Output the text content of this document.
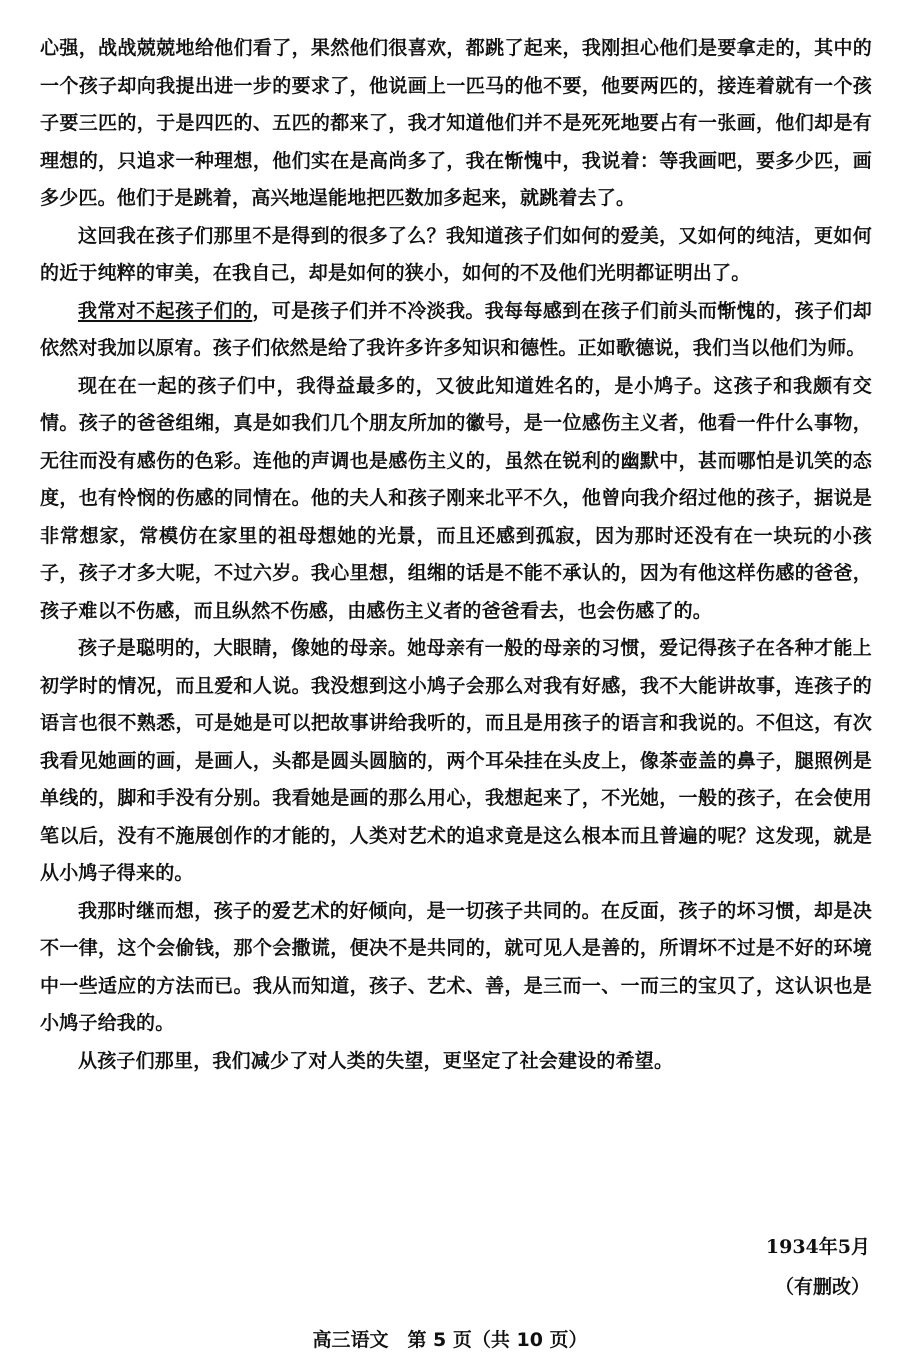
心强，战战兢兢地给他们看了，果然他们很喜欢，都跳了起来，我刚担心他们是要拿走的，其中的一个孩子却向我提出进一步的要求了，他说画上一匹马的他不要，他要两匹的，接连着就有一个孩子要三匹的，于是四匹的、五匹的都来了，我才知道他们并不是死死地要占有一张画，他们却是有理想的，只追求一种理想，他们实在是高尚多了，我在惭愧中，我说着：等我画吧，要多少匹，画多少匹。他们于是跳着，高兴地逞能地把匹数加多起来，就跳着去了。

这回我在孩子们那里不是得到的很多了么？我知道孩子们如何的爱美，又如何的纯洁，更如何的近于纯粹的审美，在我自己，却是如何的狭小，如何的不及他们光明都证明出了。

我常对不起孩子们的，可是孩子们并不冷淡我。我每每感到在孩子们前头而惭愧的，孩子们却依然对我加以原宥。孩子们依然是给了我许多许多知识和德性。正如歌德说，我们当以他们为师。

现在在一起的孩子们中，我得益最多的，又彼此知道姓名的，是小鸠子。这孩子和我颇有交情。孩子的爸爸组缃，真是如我们几个朋友所加的徽号，是一位感伤主义者，他看一件什么事物，无往而没有感伤的色彩。连他的声调也是感伤主义的，虽然在锐利的幽默中，甚而哪怕是讥笑的态度，也有怜悯的伤感的同情在。他的夫人和孩子刚来北平不久，他曾向我介绍过他的孩子，据说是非常想家，常模仿在家里的祖母想她的光景，而且还感到孤寂，因为那时还没有在一块玩的小孩子，孩子才多大呢，不过六岁。我心里想，组缃的话是不能不承认的，因为有他这样伤感的爸爸，孩子难以不伤感，而且纵然不伤感，由感伤主义者的爸爸看去，也会伤感了的。

孩子是聪明的，大眼睛，像她的母亲。她母亲有一般的母亲的习惯，爱记得孩子在各种才能上初学时的情况，而且爱和人说。我没想到这小鸠子会那么对我有好感，我不大能讲故事，连孩子的语言也很不熟悉，可是她是可以把故事讲给我听的，而且是用孩子的语言和我说的。不但这，有次我看见她画的画，是画人，头都是圆头圆脑的，两个耳朵挂在头皮上，像茶壶盖的鼻子，腿照例是单线的，脚和手没有分别。我看她是画的那么用心，我想起来了，不光她，一般的孩子，在会使用笔以后，没有不施展创作的才能的，人类对艺术的追求竟是这么根本而且普遍的呢？这发现，就是从小鸠子得来的。

我那时继而想，孩子的爱艺术的好倾向，是一切孩子共同的。在反面，孩子的坏习惯，却是决不一律，这个会偷钱，那个会撒谎，便决不是共同的，就可见人是善的，所谓坏不过是不好的环境中一些适应的方法而已。我从而知道，孩子、艺术、善，是三而一、一而三的宝贝了，这认识也是小鸠子给我的。

从孩子们那里，我们减少了对人类的失望，更坚定了社会建设的希望。

1934年5月
（有删改）
高三语文　第 5 页（共 10 页）
